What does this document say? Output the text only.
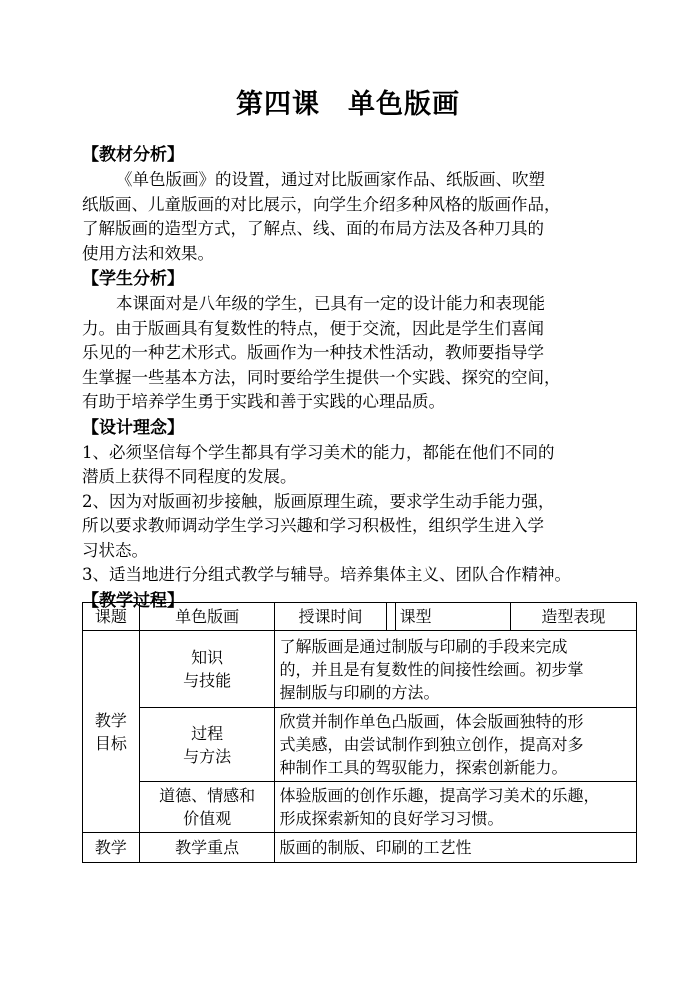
第四课　单色版画
【教材分析】
《单色版画》的设置，通过对比版画家作品、纸版画、吹塑
纸版画、儿童版画的对比展示，向学生介绍多种风格的版画作品，
了解版画的造型方式，了解点、线、面的布局方法及各种刀具的
使用方法和效果。
【学生分析】
本课面对是八年级的学生，已具有一定的设计能力和表现能
力。由于版画具有复数性的特点，便于交流，因此是学生们喜闻
乐见的一种艺术形式。版画作为一种技术性活动，教师要指导学
生掌握一些基本方法，同时要给学生提供一个实践、探究的空间，
有助于培养学生勇于实践和善于实践的心理品质。
【设计理念】
1、必须坚信每个学生都具有学习美术的能力，都能在他们不同的
潜质上获得不同程度的发展。
2、因为对版画初步接触，版画原理生疏，要求学生动手能力强，
所以要求教师调动学生学习兴趣和学习积极性，组织学生进入学
习状态。
3、适当地进行分组式教学与辅导。培养集体主义、团队合作精神。
【教学过程】
课题	单色版画	授课时间		课型	造型表现

教学
目标	知识
与技能	了解版画是通过制版与印刷的手段来完成
的，并且是有复数性的间接性绘画。初步掌
握制版与印刷的方法。			

	过程
与方法	欣赏并制作单色凸版画，体会版画独特的形
式美感，由尝试制作到独立创作，提高对多
种制作工具的驾驭能力，探索创新能力。			

	道德、情感和
价值观	体验版画的创作乐趣，提高学习美术的乐趣，
形成探索新知的良好学习习惯。			

教学	教学重点	版画的制版、印刷的工艺性			
